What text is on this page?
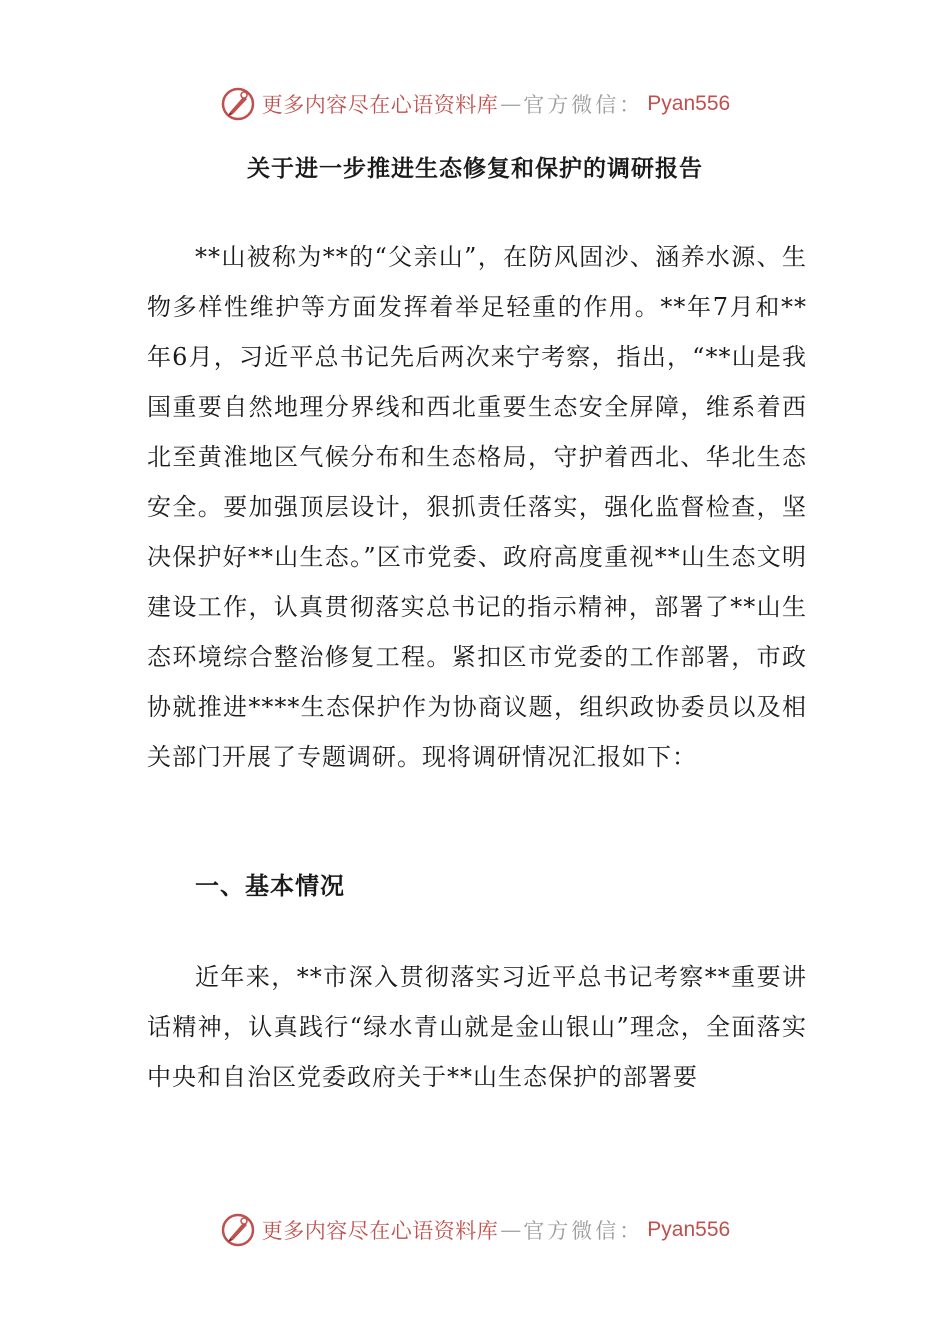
更多内容尽在心语资料库 — 官方微信： Pyan556
关于进一步推进生态修复和保护的调研报告

**山被称为**的“父亲山”，在防风固沙、涵养水源、生物多样性维护等方面发挥着举足轻重的作用。**年7月和**年6月，习近平总书记先后两次来宁考察，指出，“**山是我国重要自然地理分界线和西北重要生态安全屏障，维系着西北至黄淮地区气候分布和生态格局，守护着西北、华北生态安全。要加强顶层设计，狠抓责任落实，强化监督检查，坚决保护好**山生态。”区市党委、政府高度重视**山生态文明建设工作，认真贯彻落实总书记的指示精神，部署了**山生态环境综合整治修复工程。紧扣区市党委的工作部署，市政协就推进****生态保护作为协商议题，组织政协委员以及相关部门开展了专题调研。现将调研情况汇报如下：

一、基本情况

近年来，**市深入贯彻落实习近平总书记考察**重要讲话精神，认真践行“绿水青山就是金山银山”理念，全面落实中央和自治区党委政府关于**山生态保护的部署要

更多内容尽在心语资料库 — 官方微信： Pyan556
